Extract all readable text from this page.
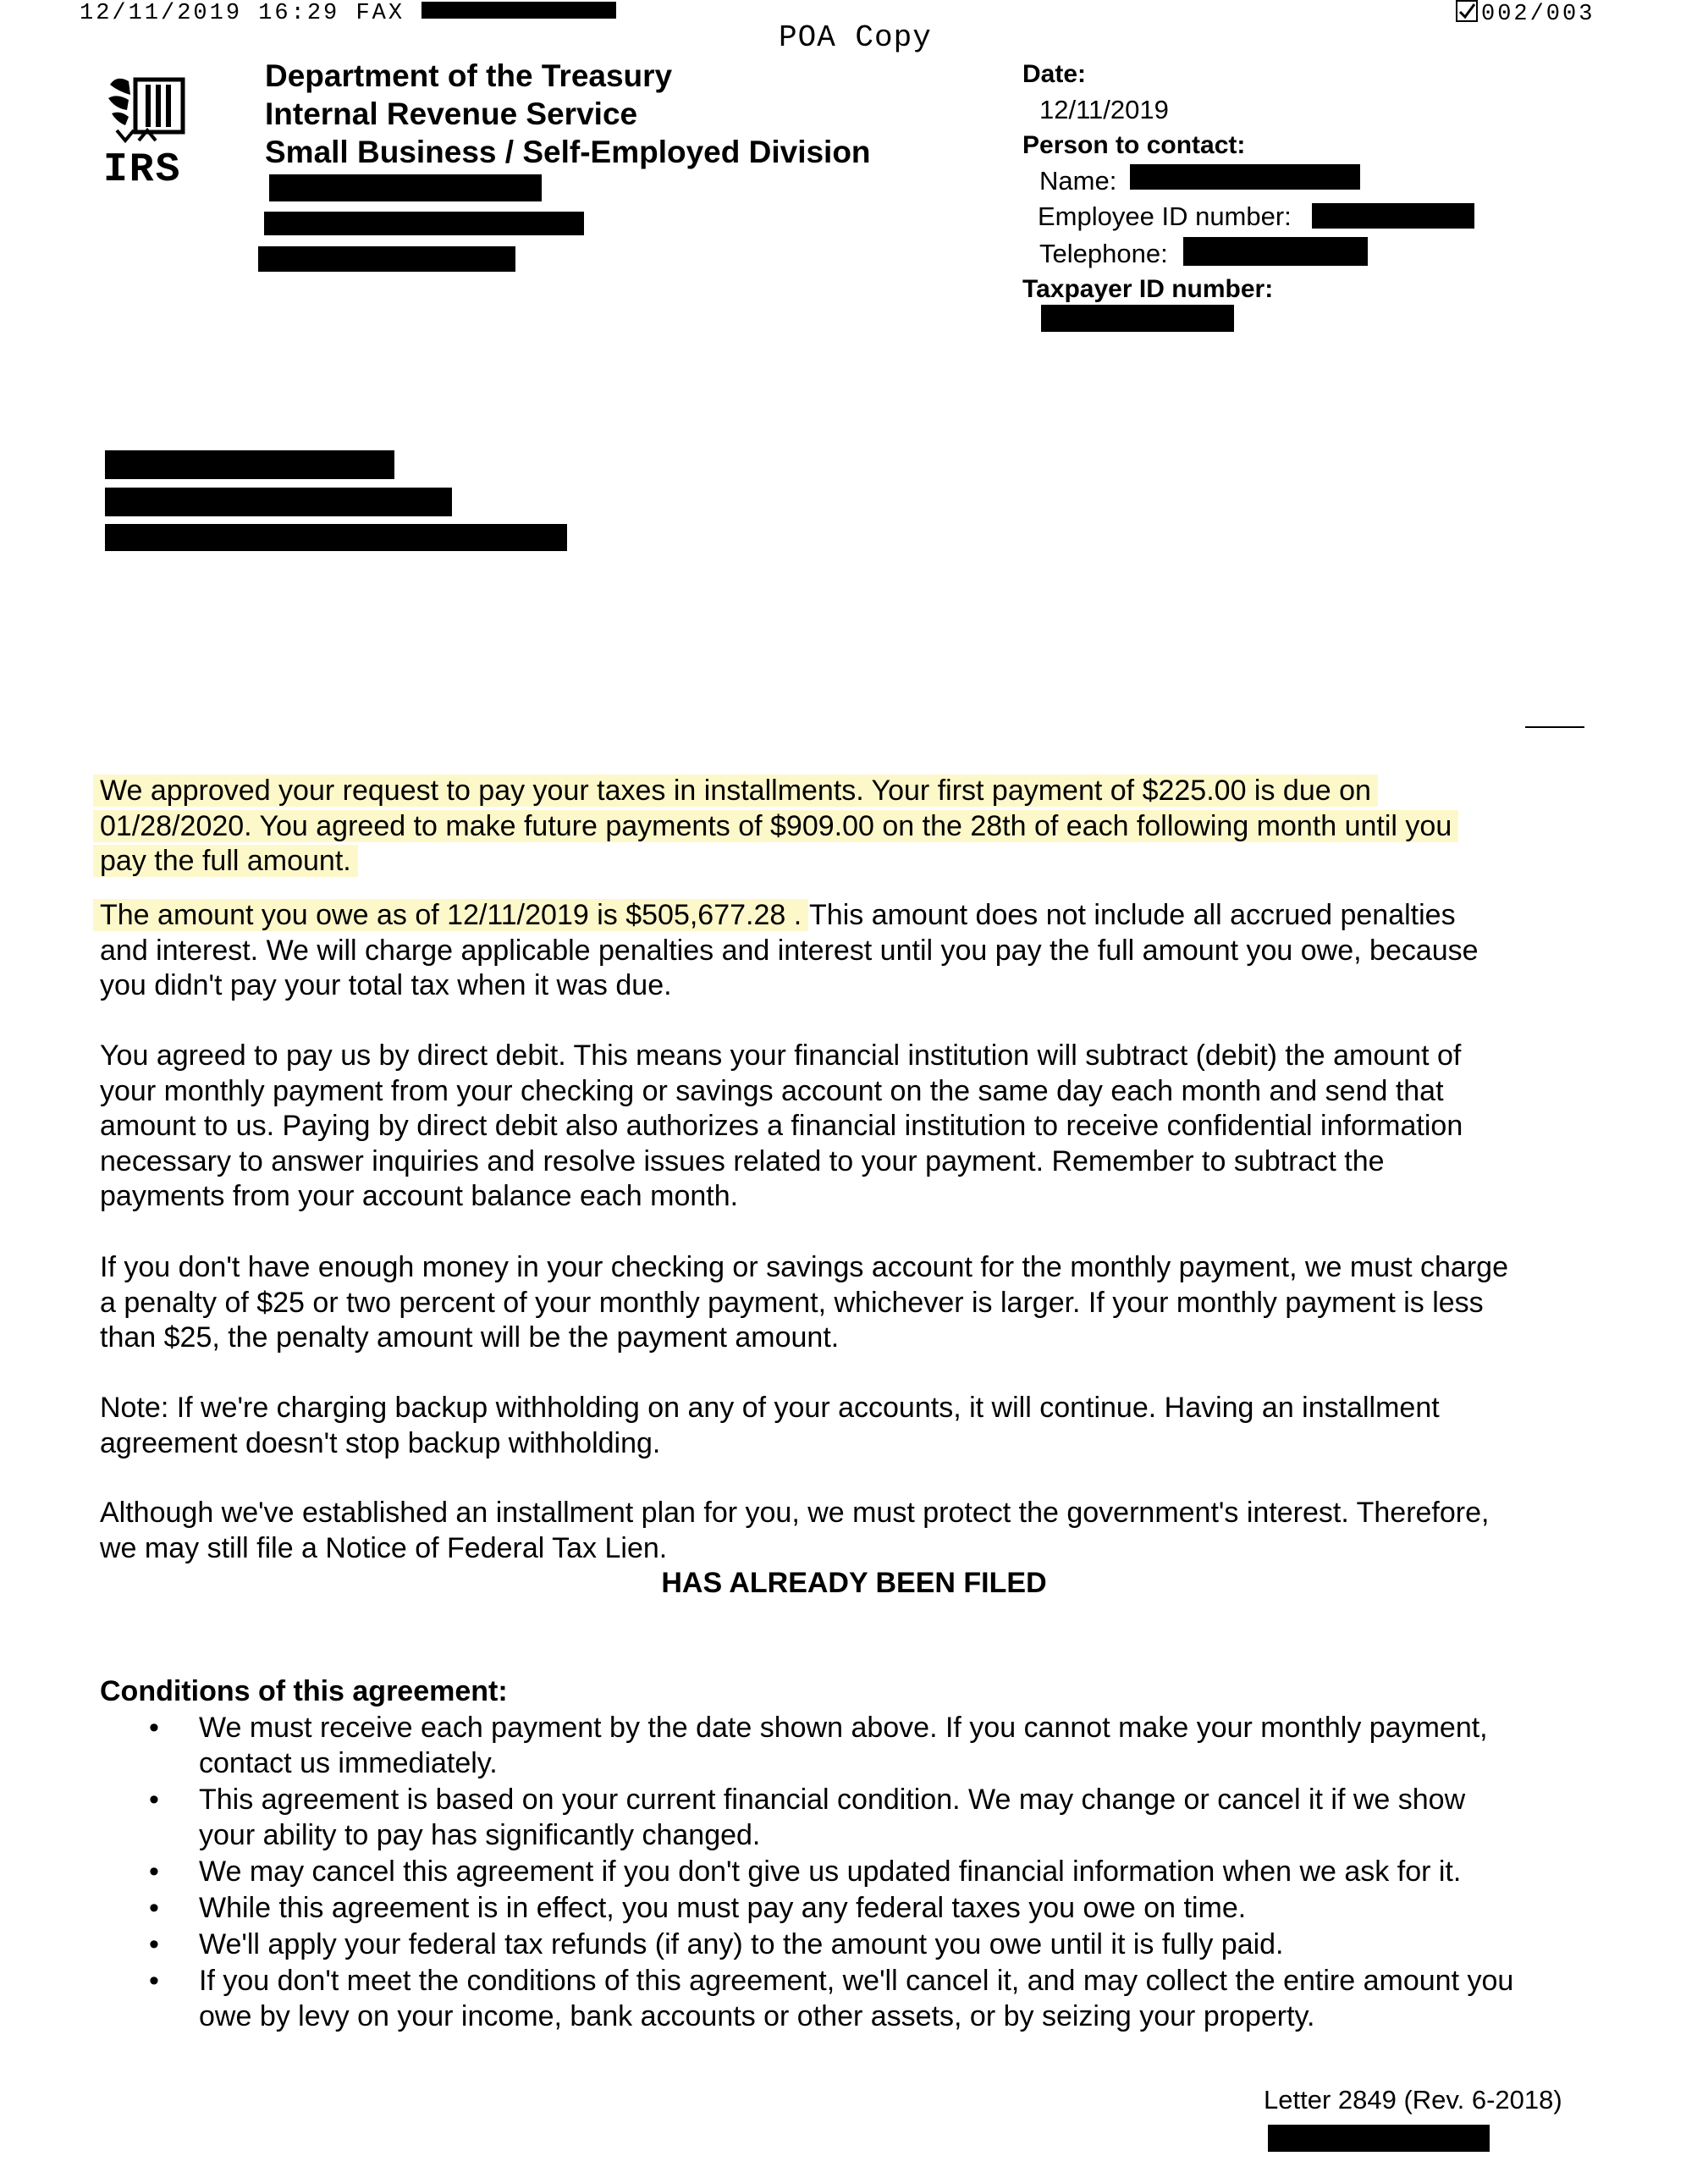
12/11/2019 16:29 FAX	002/003
POA Copy
IRS
Department of the Treasury
Internal Revenue Service
Small Business / Self-Employed Division
Date:
12/11/2019
Person to contact:
Name:
Employee ID number:
Telephone:
Taxpayer ID number:
We approved your request to pay your taxes in installments. Your first payment of $225.00 is due on
01/28/2020. You agreed to make future payments of $909.00 on the 28th of each following month until you
pay the full amount.
The amount you owe as of 12/11/2019 is $505,677.28 . This amount does not include all accrued penalties
and interest. We will charge applicable penalties and interest until you pay the full amount you owe, because
you didn't pay your total tax when it was due.
You agreed to pay us by direct debit. This means your financial institution will subtract (debit) the amount of
your monthly payment from your checking or savings account on the same day each month and send that
amount to us. Paying by direct debit also authorizes a financial institution to receive confidential information
necessary to answer inquiries and resolve issues related to your payment. Remember to subtract the
payments from your account balance each month.
If you don't have enough money in your checking or savings account for the monthly payment, we must charge
a penalty of $25 or two percent of your monthly payment, whichever is larger. If your monthly payment is less
than $25, the penalty amount will be the payment amount.
Note: If we're charging backup withholding on any of your accounts, it will continue. Having an installment
agreement doesn't stop backup withholding.
Although we've established an installment plan for you, we must protect the government's interest. Therefore,
we may still file a Notice of Federal Tax Lien.
HAS ALREADY BEEN FILED
Conditions of this agreement:
• We must receive each payment by the date shown above. If you cannot make your monthly payment,
contact us immediately.
• This agreement is based on your current financial condition. We may change or cancel it if we show
your ability to pay has significantly changed.
• We may cancel this agreement if you don't give us updated financial information when we ask for it.
• While this agreement is in effect, you must pay any federal taxes you owe on time.
• We'll apply your federal tax refunds (if any) to the amount you owe until it is fully paid.
• If you don't meet the conditions of this agreement, we'll cancel it, and may collect the entire amount you
owe by levy on your income, bank accounts or other assets, or by seizing your property.
Letter 2849 (Rev. 6-2018)
